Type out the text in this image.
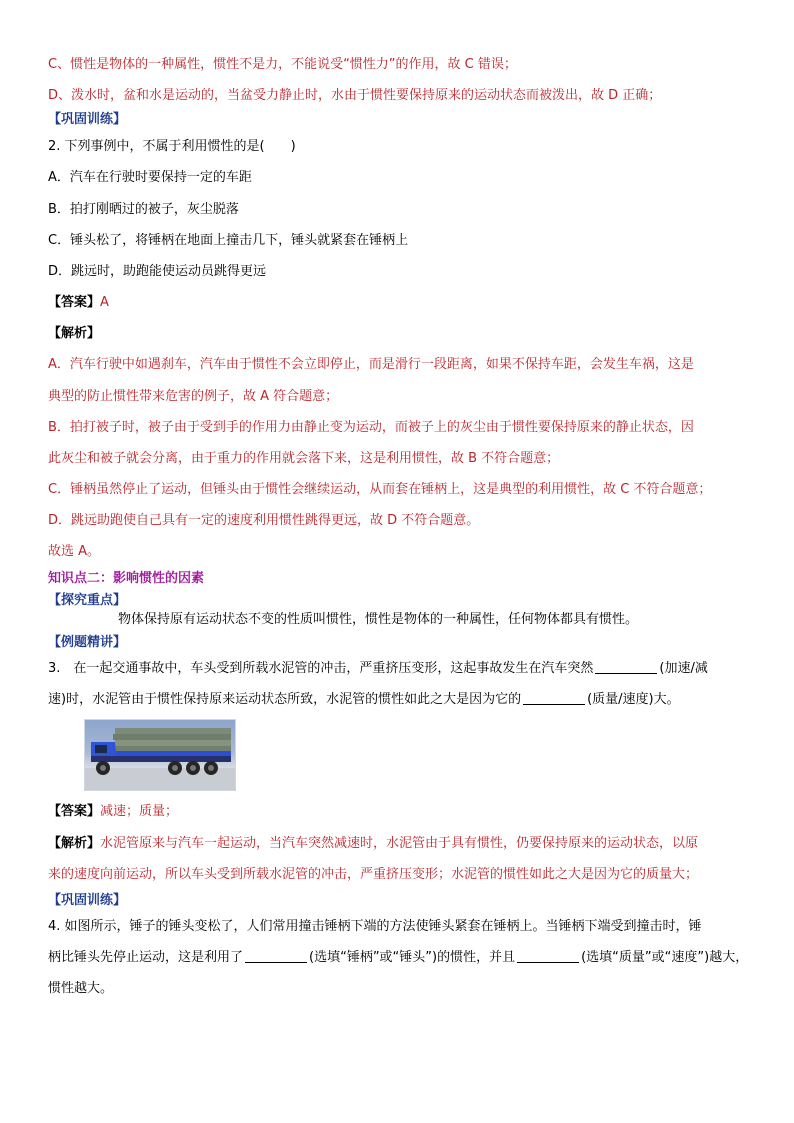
C、惯性是物体的一种属性，惯性不是力，不能说受“惯性力”的作用，故 C 错误；
D、泼水时，盆和水是运动的，当盆受力静止时，水由于惯性要保持原来的运动状态而被泼出，故 D 正确；
【巩固训练】
2. 下列事例中，不属于利用惯性的是(　　)
A．汽车在行驶时要保持一定的车距
B．拍打刚晒过的被子，灰尘脱落
C．锤头松了，将锤柄在地面上撞击几下，锤头就紧套在锤柄上
D．跳远时，助跑能使运动员跳得更远
【答案】A
【解析】
A．汽车行驶中如遇刹车，汽车由于惯性不会立即停止，而是滑行一段距离，如果不保持车距，会发生车祸，这是
典型的防止惯性带来危害的例子，故 A 符合题意；
B．拍打被子时，被子由于受到手的作用力由静止变为运动，而被子上的灰尘由于惯性要保持原来的静止状态，因
此灰尘和被子就会分离，由于重力的作用就会落下来，这是利用惯性，故 B 不符合题意；
C．锤柄虽然停止了运动，但锤头由于惯性会继续运动，从而套在锤柄上，这是典型的利用惯性，故 C 不符合题意；
D．跳远助跑使自己具有一定的速度利用惯性跳得更远，故 D 不符合题意。
故选 A。
知识点二：影响惯性的因素
【探究重点】
物体保持原有运动状态不变的性质叫惯性，惯性是物体的一种属性，任何物体都具有惯性。
【例题精讲】
3.　在一起交通事故中，车头受到所载水泥管的冲击，严重挤压变形，这起事故发生在汽车突然	(加速/减
速)时，水泥管由于惯性保持原来运动状态所致，水泥管的惯性如此之大是因为它的	(质量/速度)大。
【答案】减速；质量；
【解析】水泥管原来与汽车一起运动，当汽车突然减速时，水泥管由于具有惯性，仍要保持原来的运动状态，以原
来的速度向前运动，所以车头受到所载水泥管的冲击，严重挤压变形；水泥管的惯性如此之大是因为它的质量大；
【巩固训练】
4. 如图所示，锤子的锤头变松了，人们常用撞击锤柄下端的方法使锤头紧套在锤柄上。当锤柄下端受到撞击时，锤
柄比锤头先停止运动，这是利用了	(选填“锤柄”或“锤头”)的惯性，并且	(选填“质量”或“速度”)越大，
惯性越大。
